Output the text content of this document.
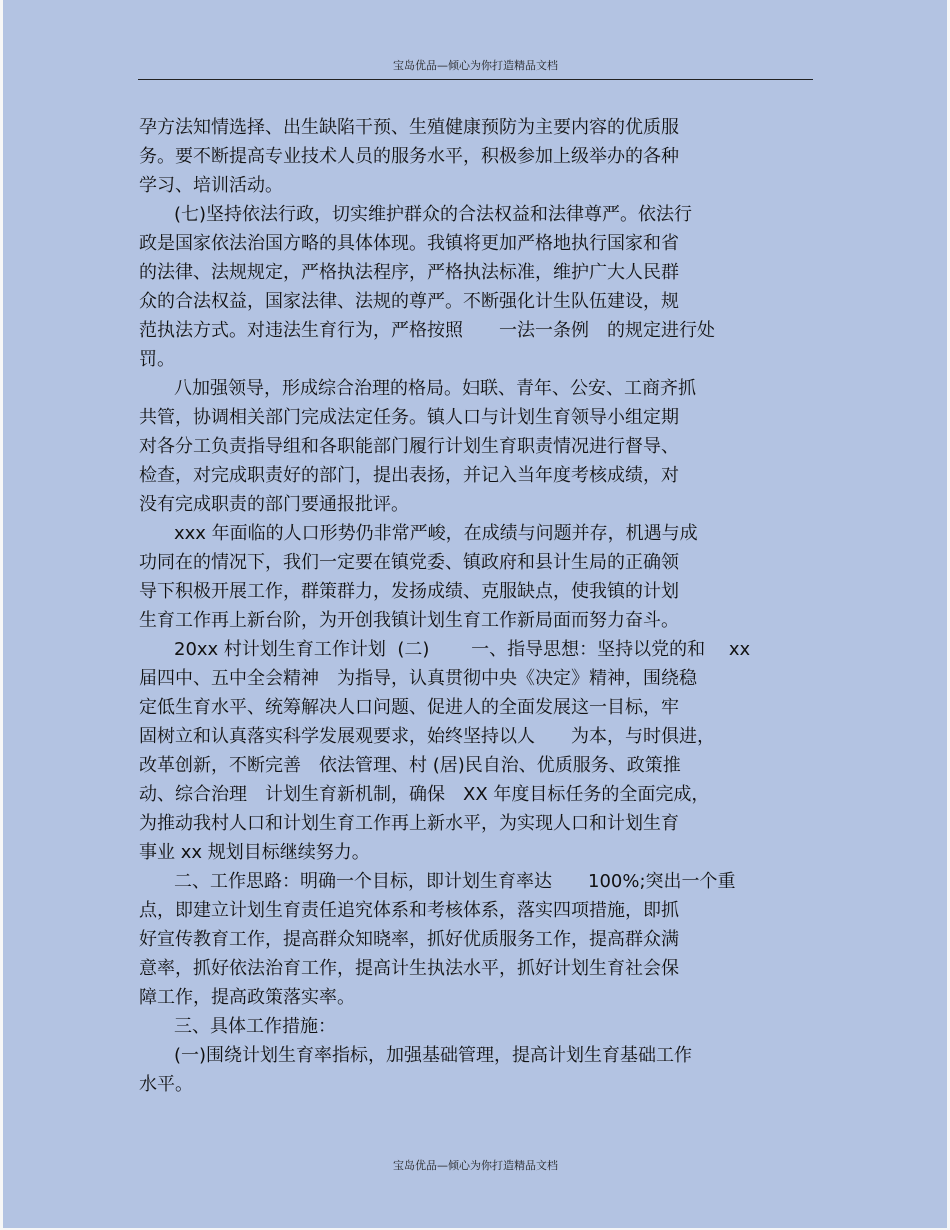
宝岛优品—倾心为你打造精品文档
孕方法知情选择、出生缺陷干预、生殖健康预防为主要内容的优质服
务。要不断提高专业技术人员的服务水平，积极参加上级举办的各种
学习、培训活动。
(七)坚持依法行政，切实维护群众的合法权益和法律尊严。依法行
政是国家依法治国方略的具体体现。我镇将更加严格地执行国家和省
的法律、法规规定，严格执法程序，严格执法标准，维护广大人民群
众的合法权益，国家法律、法规的尊严。不断强化计生队伍建设，规
范执法方式。对违法生育行为，严格按照　　一法一条例　的规定进行处
罚。
八加强领导，形成综合治理的格局。妇联、青年、公安、工商齐抓
共管，协调相关部门完成法定任务。镇人口与计划生育领导小组定期
对各分工负责指导组和各职能部门履行计划生育职责情况进行督导、
检查，对完成职责好的部门，提出表扬，并记入当年度考核成绩，对
没有完成职责的部门要通报批评。
xxx 年面临的人口形势仍非常严峻，在成绩与问题并存，机遇与成
功同在的情况下，我们一定要在镇党委、镇政府和县计生局的正确领
导下积极开展工作，群策群力，发扬成绩、克服缺点，使我镇的计划
生育工作再上新台阶，为开创我镇计划生育工作新局面而努力奋斗。
20xx 村计划生育工作计划  (二)　　 一、指导思想：坚持以党的和　 xx
届四中、五中全会精神　为指导，认真贯彻中央《决定》精神，围绕稳
定低生育水平、统筹解决人口问题、促进人的全面发展这一目标，牢
固树立和认真落实科学发展观要求，始终坚持以人　　为本，与时俱进，
改革创新，不断完善　依法管理、村 (居)民自治、优质服务、政策推
动、综合治理　计划生育新机制，确保　XX 年度目标任务的全面完成，
为推动我村人口和计划生育工作再上新水平，为实现人口和计划生育
事业 xx 规划目标继续努力。
二、工作思路：明确一个目标，即计划生育率达　　100%;突出一个重
点，即建立计划生育责任追究体系和考核体系，落实四项措施，即抓
好宣传教育工作，提高群众知晓率，抓好优质服务工作，提高群众满
意率，抓好依法治育工作，提高计生执法水平，抓好计划生育社会保
障工作，提高政策落实率。
三、具体工作措施：
(一)围绕计划生育率指标，加强基础管理，提高计划生育基础工作
水平。
宝岛优品—倾心为你打造精品文档
